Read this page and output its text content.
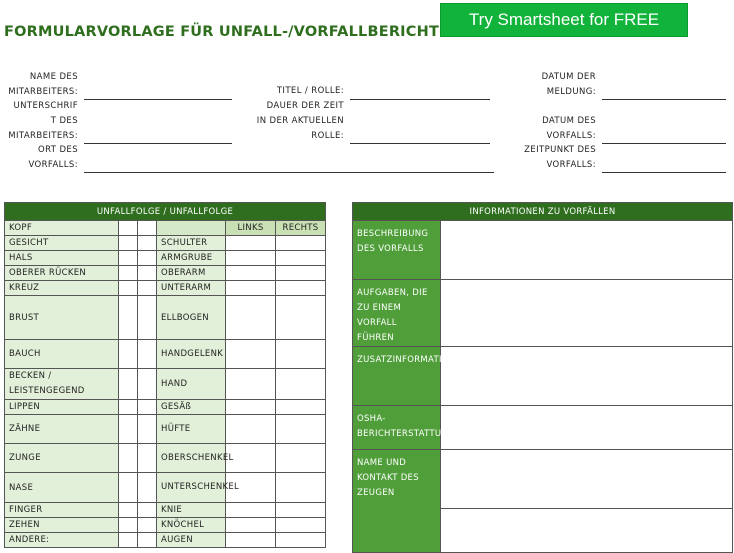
FORMULARVORLAGE FÜR UNFALL-/VORFALLBERICHT
Try Smartsheet for FREE
NAME DES
MITARBEITERS:
UNTERSCHRIF
T DES
MITARBEITERS:
ORT DES
VORFALLS:
TITEL / ROLLE:
DAUER DER ZEIT
IN DER AKTUELLEN
ROLLE:
DATUM DER
MELDUNG:
DATUM DES
VORFALLS:
ZEITPUNKT DES
VORFALLS:
UNFALLFOLGE / UNFALLFOLGE					
KOPF				LINKS	RECHTS
GESICHT			SCHULTER		
HALS			ARMGRUBE		
OBERER RÜCKEN			OBERARM		
KREUZ			UNTERARM		
BRUST			ELLBOGEN		
BAUCH			HANDGELENK		
BECKEN / LEISTENGEGEND			HAND		
LIPPEN			GESÄß		
ZÄHNE			HÜFTE		
ZUNGE			OBERSCHENKEL		
NASE			UNTERSCHENKEL		
FINGER			KNIE		
ZEHEN			KNÖCHEL		
ANDERE:			AUGEN		
INFORMATIONEN ZU VORFÄLLEN	
BESCHREIBUNG DES VORFALLS	
AUFGABEN, DIE ZU EINEM VORFALL FÜHREN	
ZUSATZINFORMATION	
OSHA-BERICHTERSTATTUNG	
NAME UND KONTAKT DES ZEUGEN	
